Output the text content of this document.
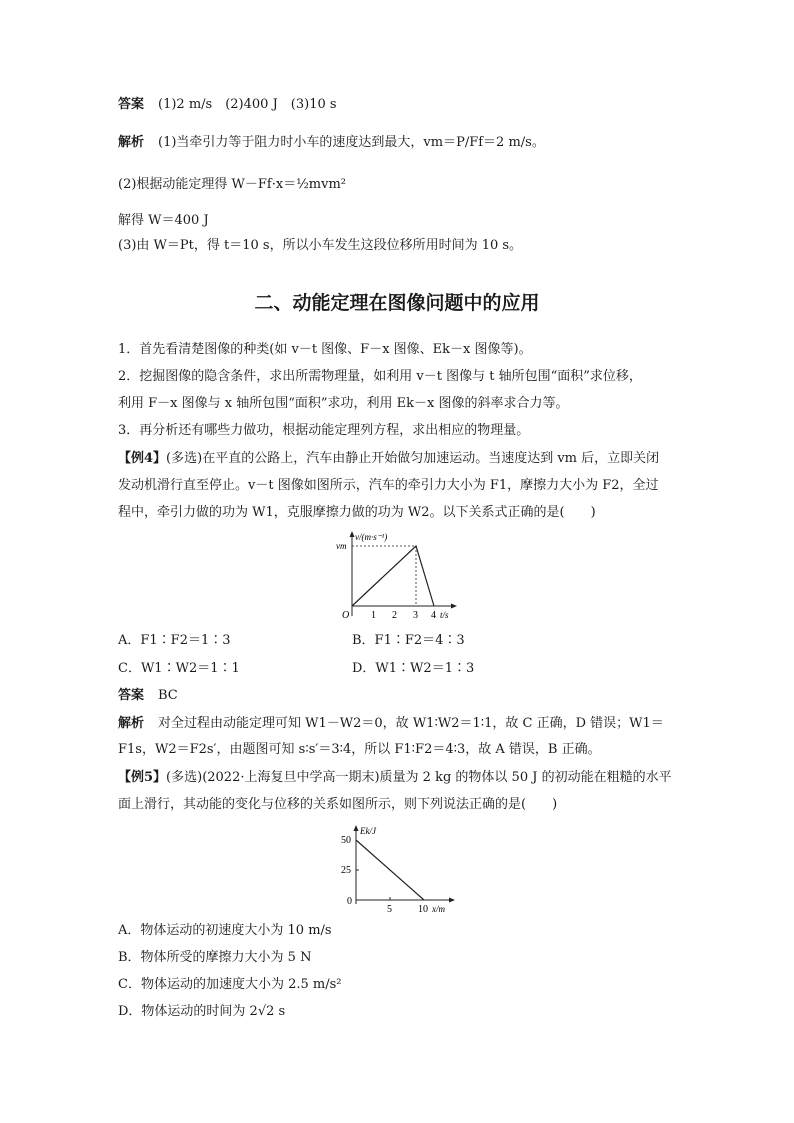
答案 (1)2 m/s　(2)400 J　(3)10 s
解析 (1)当牵引力等于阻力时小车的速度达到最大，vm＝P/Ff＝2 m/s。
(2)根据动能定理得 W－Ff·x＝½mvm²
解得 W＝400 J
(3)由 W＝Pt，得 t＝10 s，所以小车发生这段位移所用时间为 10 s。
二、动能定理在图像问题中的应用
1．首先看清楚图像的种类(如 v－t 图像、F－x 图像、Ek－x 图像等)。
2．挖掘图像的隐含条件，求出所需物理量，如利用 v－t 图像与 t 轴所包围“面积”求位移，
利用 F－x 图像与 x 轴所包围“面积”求功，利用 Ek－x 图像的斜率求合力等。
3．再分析还有哪些力做功，根据动能定理列方程，求出相应的物理量。
【例4】(多选)在平直的公路上，汽车由静止开始做匀加速运动。当速度达到 vm 后，立即关闭
发动机滑行直至停止。v－t 图像如图所示，汽车的牵引力大小为 F1，摩擦力大小为 F2，全过
程中，牵引力做的功为 W1，克服摩擦力做的功为 W2。以下关系式正确的是(　　)
v/(m·s⁻¹)
vm
O 1 2 3 4 t/s
A．F1∶F2＝1∶3	B．F1∶F2＝4∶3
C．W1∶W2＝1∶1	D．W1∶W2＝1∶3
答案 BC
解析 对全过程由动能定理可知 W1－W2＝0，故 W1∶W2＝1∶1，故 C 正确，D 错误；W1＝
F1s，W2＝F2s′，由题图可知 s∶s′＝3∶4，所以 F1∶F2＝4∶3，故 A 错误，B 正确。
【例5】(多选)(2022·上海复旦中学高一期末)质量为 2 kg 的物体以 50 J 的初动能在粗糙的水平
面上滑行，其动能的变化与位移的关系如图所示，则下列说法正确的是(　　)
Ek/J
50
25
0
5	10 x/m
A．物体运动的初速度大小为 10 m/s
B．物体所受的摩擦力大小为 5 N
C．物体运动的加速度大小为 2.5 m/s²
D．物体运动的时间为 2√2 s
